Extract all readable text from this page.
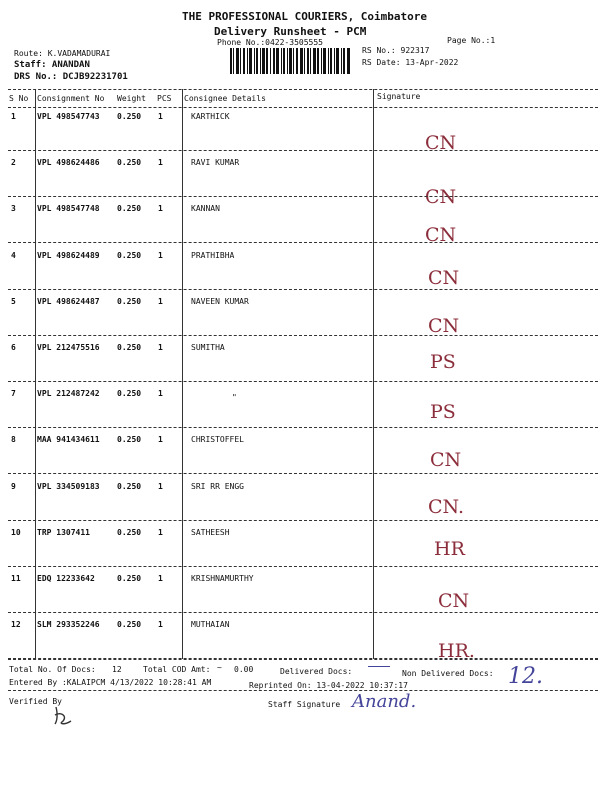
THE PROFESSIONAL COURIERS, Coimbatore
Delivery Runsheet - PCM
Phone No.:0422-3505555	Page No.:1
Route: K.VADAMADURAI
Staff: ANANDAN
DRS No.: DCJB92231701
RS No.: 922317
RS Date: 13-Apr-2022
S No Consignment No Weight PCS Consignee Details	Signature
1	VPL 498547743 0.250 1	KARTHICK
CN
2	VPL 498624486 0.250 1	RAVI KUMAR
CN
3	VPL 498547748 0.250 1	KANNAN
CN
4	VPL 498624489 0.250 1	PRATHIBHA
CN
5	VPL 498624487 0.250 1	NAVEEN KUMAR
CN
6	VPL 212475516 0.250 1	SUMITHA
PS
7	VPL 212487242 0.250 1	"
PS
8	MAA 941434611 0.250 1	CHRISTOFFEL
CN
9	VPL 334509183 0.250 1	SRI RR ENGG
CN.
10 TRP 1307411	0.250 1	SATHEESH
HR
11 EDQ 12233642	0.250 1	KRISHNAMURTHY
CN
12 SLM 293352246 0.250 1	MUTHAIAN
HR.
Total No. Of Docs: 12	Total COD Amt: ~ 0.00	Delivered Docs:	Non Delivered Docs: 12.
Entered By :KALAIPCM 4/13/2022 10:28:41 AM	Reprinted On: 13-04-2022 10:37:17
Verified By	Staff Signature Anand.
